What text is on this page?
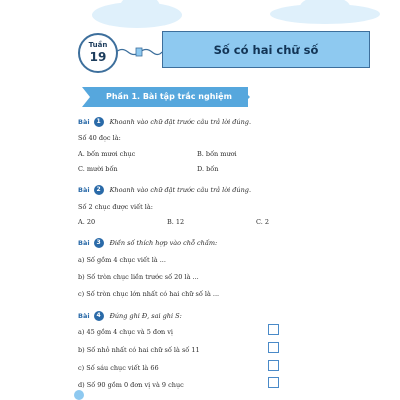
Tuần
19
Số có hai chữ số
Phần 1. Bài tập trắc nghiệm
Bài	1	Khoanh vào chữ đặt trước câu trả lời đúng.
Số 40 đọc là:
A. bốn mươi chục	B. bốn mươi
C. mười bốn	D. bốn
Bài	2	Khoanh vào chữ đặt trước câu trả lời đúng.
Số 2 chục được viết là:
A. 20	B. 12	C. 2
Bài	3	Điền số thích hợp vào chỗ chấm:
a) Số gồm 4 chục viết là ...
b) Số tròn chục liền trước số 20 là ...
c) Số tròn chục lớn nhất có hai chữ số là ...
Bài	4	Đúng ghi Đ, sai ghi S:
a) 45 gồm 4 chục và 5 đơn vị
b) Số nhỏ nhất có hai chữ số là số 11
c) Số sáu chục viết là 66
d) Số 90 gồm 0 đơn vị và 9 chục
